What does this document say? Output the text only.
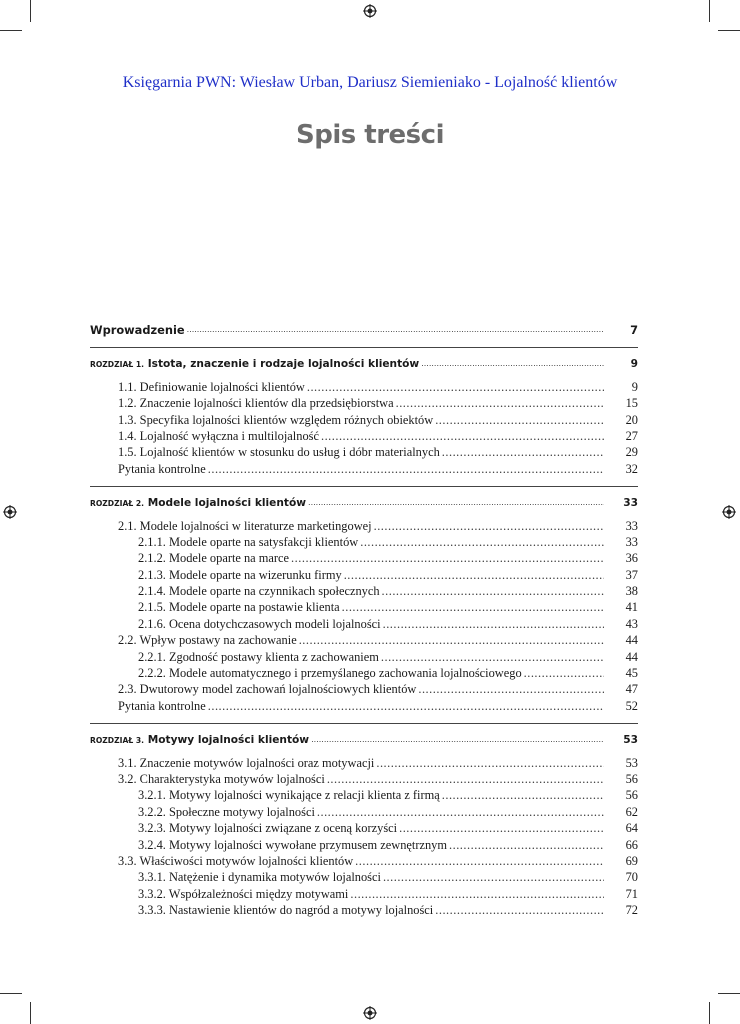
Księgarnia PWN: Wiesław Urban, Dariusz Siemieniako - Lojalność klientów
Spis treści
Wprowadzenie .....	7
ROZDZIAŁ 1. Istota, znaczenie i rodzaje lojalności klientów .....	9
1.1. Definiowanie lojalności klientów .....	9
1.2. Znaczenie lojalności klientów dla przedsiębiorstwa .....	15
1.3. Specyfika lojalności klientów względem różnych obiektów .....	20
1.4. Lojalność wyłączna i multilojalność .....	27
1.5. Lojalność klientów w stosunku do usług i dóbr materialnych .....	29
Pytania kontrolne .....	32
ROZDZIAŁ 2. Modele lojalności klientów .....	33
2.1. Modele lojalności w literaturze marketingowej .....	33
2.1.1. Modele oparte na satysfakcji klientów .....	33
2.1.2. Modele oparte na marce .....	36
2.1.3. Modele oparte na wizerunku firmy .....	37
2.1.4. Modele oparte na czynnikach społecznych .....	38
2.1.5. Modele oparte na postawie klienta .....	41
2.1.6. Ocena dotychczasowych modeli lojalności .....	43
2.2. Wpływ postawy na zachowanie .....	44
2.2.1. Zgodność postawy klienta z zachowaniem .....	44
2.2.2. Modele automatycznego i przemyślanego zachowania lojalnościowego .....	45
2.3. Dwutorowy model zachowań lojalnościowych klientów .....	47
Pytania kontrolne .....	52
ROZDZIAŁ 3. Motywy lojalności klientów .....	53
3.1. Znaczenie motywów lojalności oraz motywacji .....	53
3.2. Charakterystyka motywów lojalności .....	56
3.2.1. Motywy lojalności wynikające z relacji klienta z firmą .....	56
3.2.2. Społeczne motywy lojalności .....	62
3.2.3. Motywy lojalności związane z oceną korzyści .....	64
3.2.4. Motywy lojalności wywołane przymusem zewnętrznym .....	66
3.3. Właściwości motywów lojalności klientów .....	69
3.3.1. Natężenie i dynamika motywów lojalności .....	70
3.3.2. Współzależności między motywami .....	71
3.3.3. Nastawienie klientów do nagród a motywy lojalności .....	72
